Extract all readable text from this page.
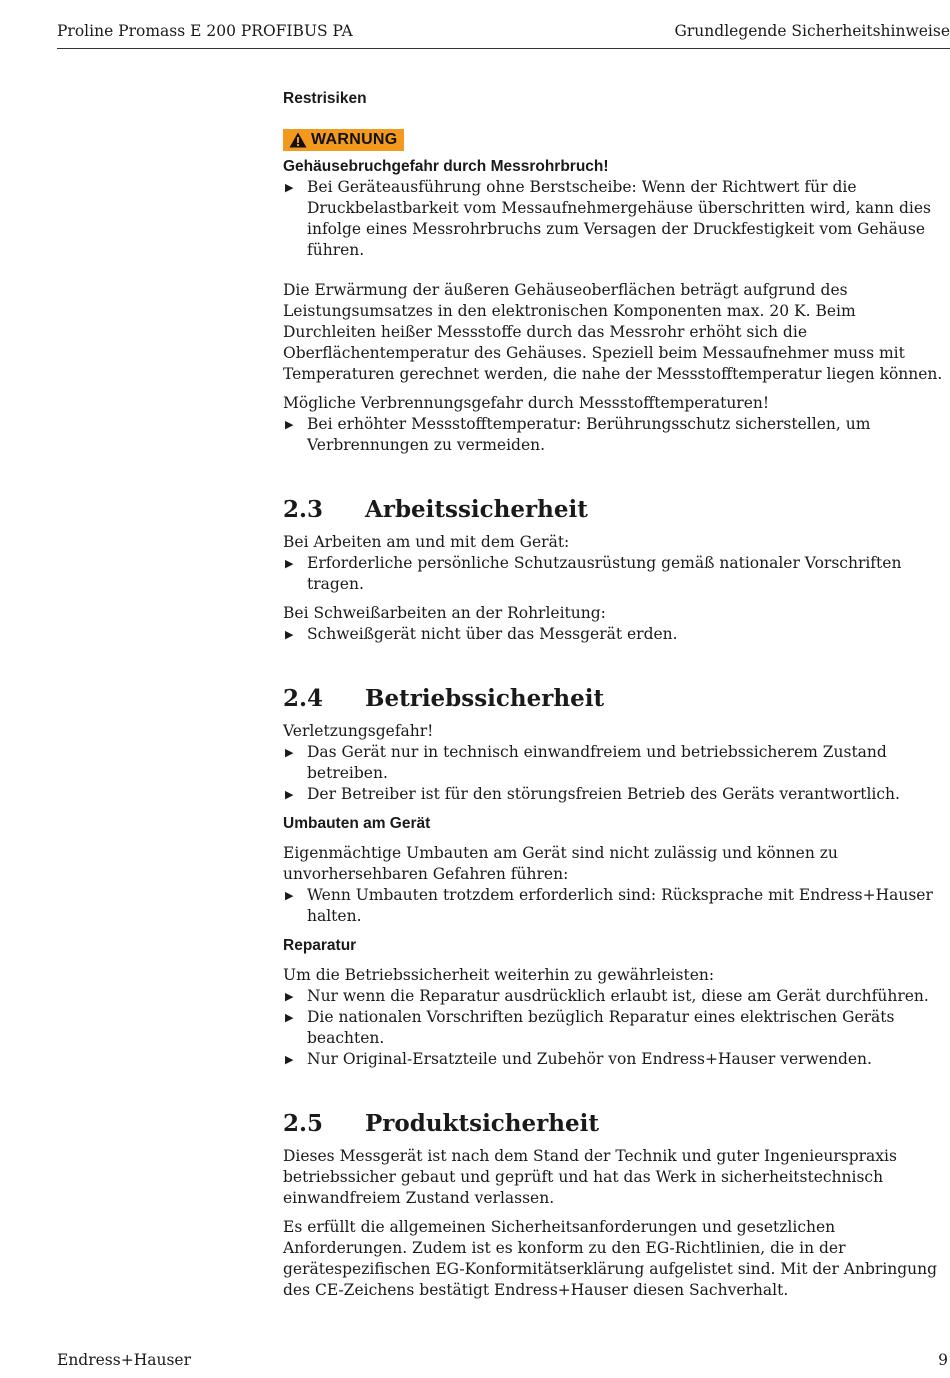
Proline Promass E 200 PROFIBUS PA	Grundlegende Sicherheitshinweise
Restrisiken
WARNUNG
Gehäusebruchgefahr durch Messrohrbruch!
▶ Bei Geräteausführung ohne Berstscheibe: Wenn der Richtwert für die Druckbelastbarkeit vom Messaufnehmergehäuse überschritten wird, kann dies infolge eines Messrohrbruchs zum Versagen der Druckfestigkeit vom Gehäuse führen.

Die Erwärmung der äußeren Gehäuseoberflächen beträgt aufgrund des Leistungsumsatzes in den elektronischen Komponenten max. 20 K. Beim Durchleiten heißer Messstoffe durch das Messrohr erhöht sich die Oberflächentemperatur des Gehäuses. Speziell beim Messaufnehmer muss mit Temperaturen gerechnet werden, die nahe der Messstofftemperatur liegen können.

Mögliche Verbrennungsgefahr durch Messstofftemperaturen!

▶ Bei erhöhter Messstofftemperatur: Berührungsschutz sicherstellen, um Verbrennungen zu vermeiden.
2.3	Arbeitssicherheit

Bei Arbeiten am und mit dem Gerät:

▶ Erforderliche persönliche Schutzausrüstung gemäß nationaler Vorschriften tragen.

Bei Schweißarbeiten an der Rohrleitung:

▶ Schweißgerät nicht über das Messgerät erden.
2.4	Betriebssicherheit

Verletzungsgefahr!

▶ Das Gerät nur in technisch einwandfreiem und betriebssicherem Zustand betreiben.
▶ Der Betreiber ist für den störungsfreien Betrieb des Geräts verantwortlich.
Umbauten am Gerät

Eigenmächtige Umbauten am Gerät sind nicht zulässig und können zu unvorhersehbaren Gefahren führen:

▶ Wenn Umbauten trotzdem erforderlich sind: Rücksprache mit Endress+Hauser halten.
Reparatur

Um die Betriebssicherheit weiterhin zu gewährleisten:

▶ Nur wenn die Reparatur ausdrücklich erlaubt ist, diese am Gerät durchführen.
▶ Die nationalen Vorschriften bezüglich Reparatur eines elektrischen Geräts beachten.
▶ Nur Original-Ersatzteile und Zubehör von Endress+Hauser verwenden.
2.5	Produktsicherheit

Dieses Messgerät ist nach dem Stand der Technik und guter Ingenieurspraxis betriebssicher gebaut und geprüft und hat das Werk in sicherheitstechnisch einwandfreiem Zustand verlassen.

Es erfüllt die allgemeinen Sicherheitsanforderungen und gesetzlichen Anforderungen. Zudem ist es konform zu den EG-Richtlinien, die in der gerätespezifischen EG-Konformitätserklärung aufgelistet sind. Mit der Anbringung des CE-Zeichens bestätigt Endress+Hauser diesen Sachverhalt.

Endress+Hauser	9
